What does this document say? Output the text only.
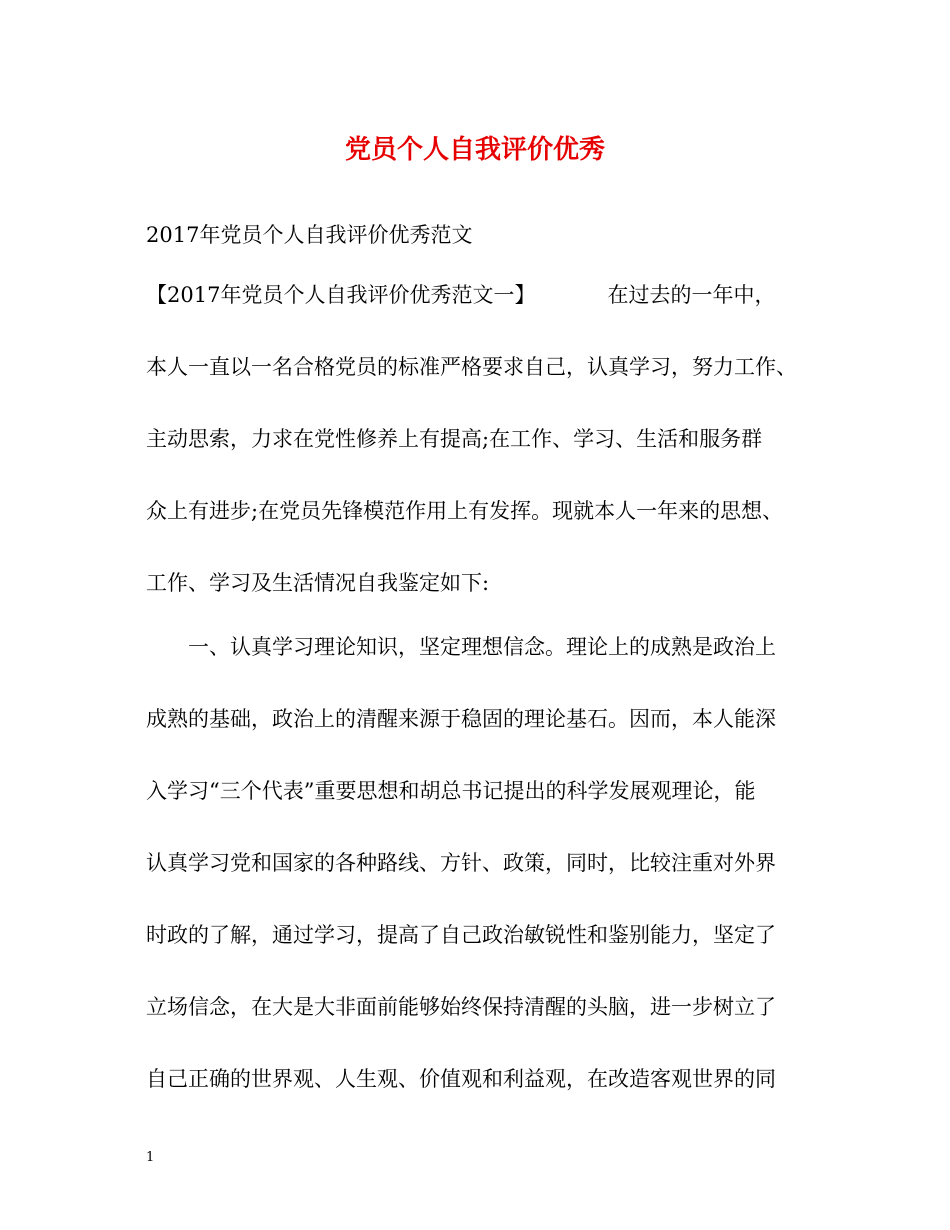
党员个人自我评价优秀

2017年党员个人自我评价优秀范文

【2017年党员个人自我评价优秀范文一】	在过去的一年中，

本人一直以一名合格党员的标准严格要求自己，认真学习，努力工作、

主动思索，力求在党性修养上有提高;在工作、学习、生活和服务群

众上有进步;在党员先锋模范作用上有发挥。现就本人一年来的思想、

工作、学习及生活情况自我鉴定如下:

一、认真学习理论知识，坚定理想信念。理论上的成熟是政治上

成熟的基础，政治上的清醒来源于稳固的理论基石。因而，本人能深

入学习“三个代表”重要思想和胡总书记提出的科学发展观理论，能

认真学习党和国家的各种路线、方针、政策，同时，比较注重对外界

时政的了解，通过学习，提高了自己政治敏锐性和鉴别能力，坚定了

立场信念，在大是大非面前能够始终保持清醒的头脑，进一步树立了

自己正确的世界观、人生观、价值观和利益观，在改造客观世界的同

1
